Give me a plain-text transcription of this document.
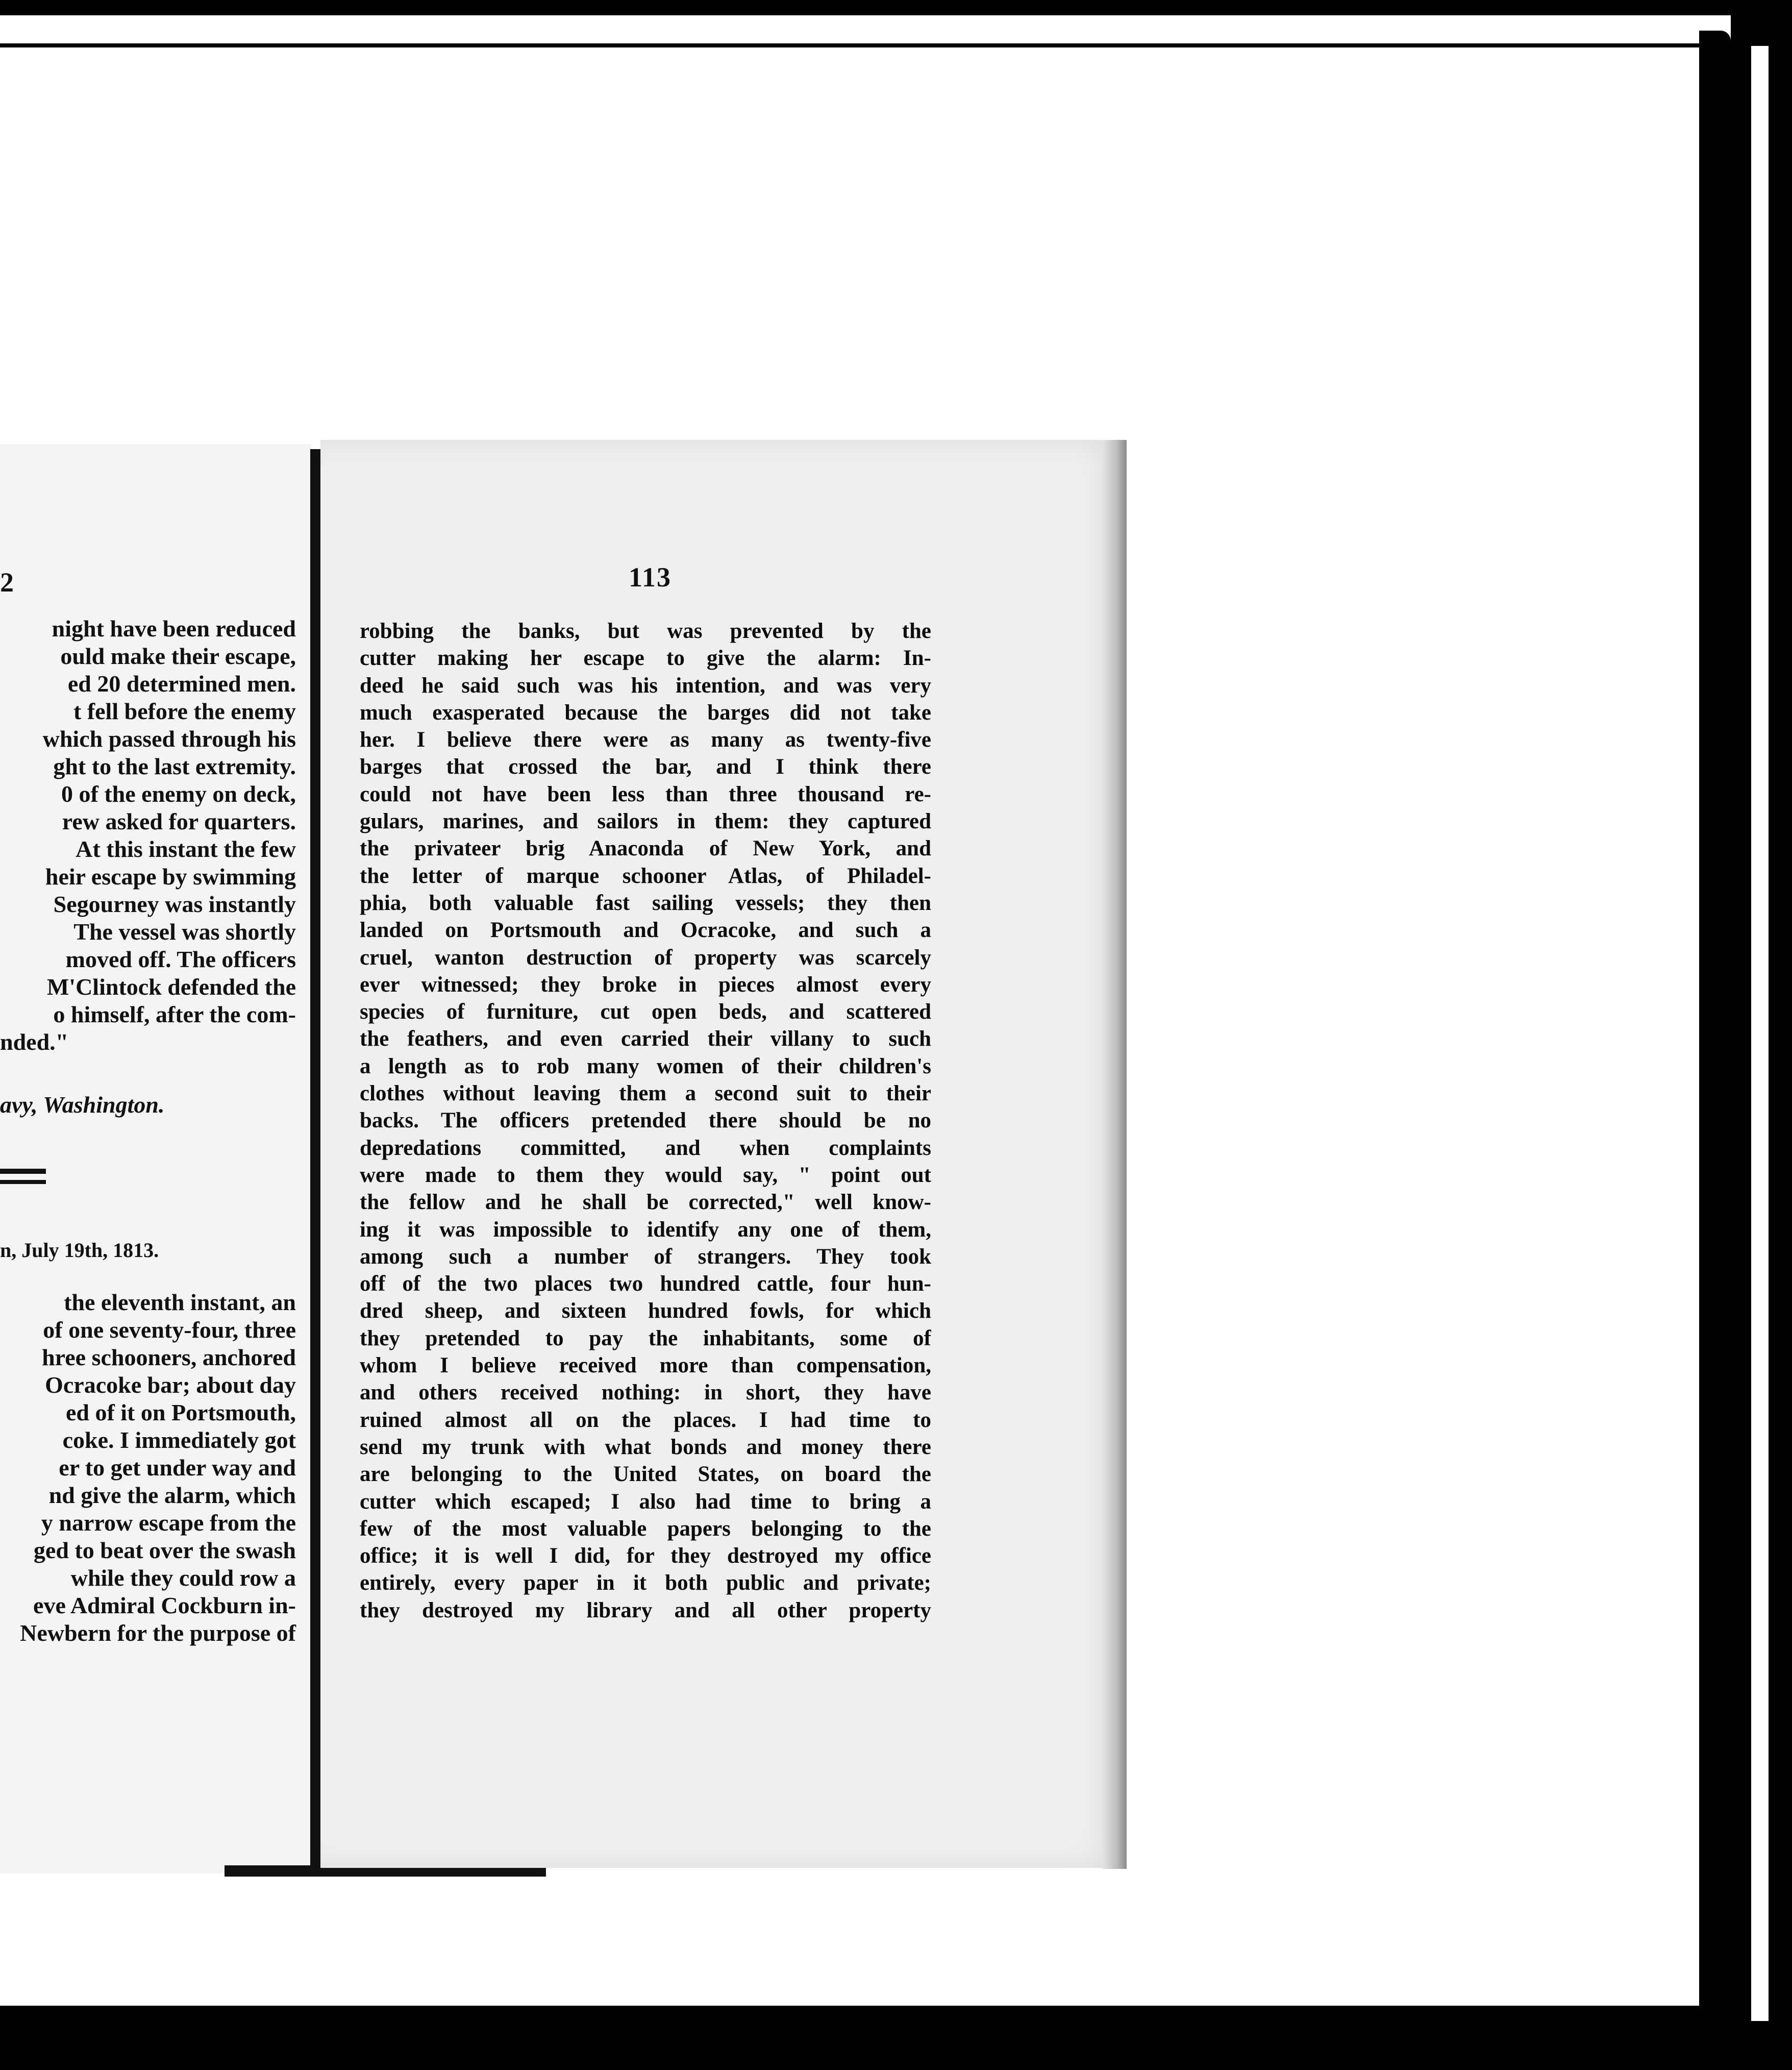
2
night have been reduced
ould make their escape,
ed 20 determined men.
t fell before the enemy
which passed through his
ght to the last extremity.
0 of the enemy on deck,
rew asked for quarters.
At this instant the few
heir escape by swimming
Segourney was instantly
The vessel was shortly
moved off. The officers
M'Clintock defended the
o himself, after the com-
nded."
avy, Washington.
n, July 19th, 1813.
the eleventh instant, an
of one seventy-four, three
hree schooners, anchored
Ocracoke bar; about day
ed of it on Portsmouth,
coke. I immediately got
er to get under way and
nd give the alarm, which
y narrow escape from the
ged to beat over the swash
while they could row a
eve Admiral Cockburn in-
Newbern for the purpose of
113
robbing the banks, but was prevented by the
cutter making her escape to give the alarm: In-
deed he said such was his intention, and was very
much exasperated because the barges did not take
her. I believe there were as many as twenty-five
barges that crossed the bar, and I think there
could not have been less than three thousand re-
gulars, marines, and sailors in them: they captured
the privateer brig Anaconda of New York, and
the letter of marque schooner Atlas, of Philadel-
phia, both valuable fast sailing vessels; they then
landed on Portsmouth and Ocracoke, and such a
cruel, wanton destruction of property was scarcely
ever witnessed; they broke in pieces almost every
species of furniture, cut open beds, and scattered
the feathers, and even carried their villany to such
a length as to rob many women of their children's
clothes without leaving them a second suit to their
backs. The officers pretended there should be no
depredations committed, and when complaints
were made to them they would say, " point out
the fellow and he shall be corrected," well know-
ing it was impossible to identify any one of them,
among such a number of strangers. They took
off of the two places two hundred cattle, four hun-
dred sheep, and sixteen hundred fowls, for which
they pretended to pay the inhabitants, some of
whom I believe received more than compensation,
and others received nothing: in short, they have
ruined almost all on the places. I had time to
send my trunk with what bonds and money there
are belonging to the United States, on board the
cutter which escaped; I also had time to bring a
few of the most valuable papers belonging to the
office; it is well I did, for they destroyed my office
entirely, every paper in it both public and private;
they destroyed my library and all other property
